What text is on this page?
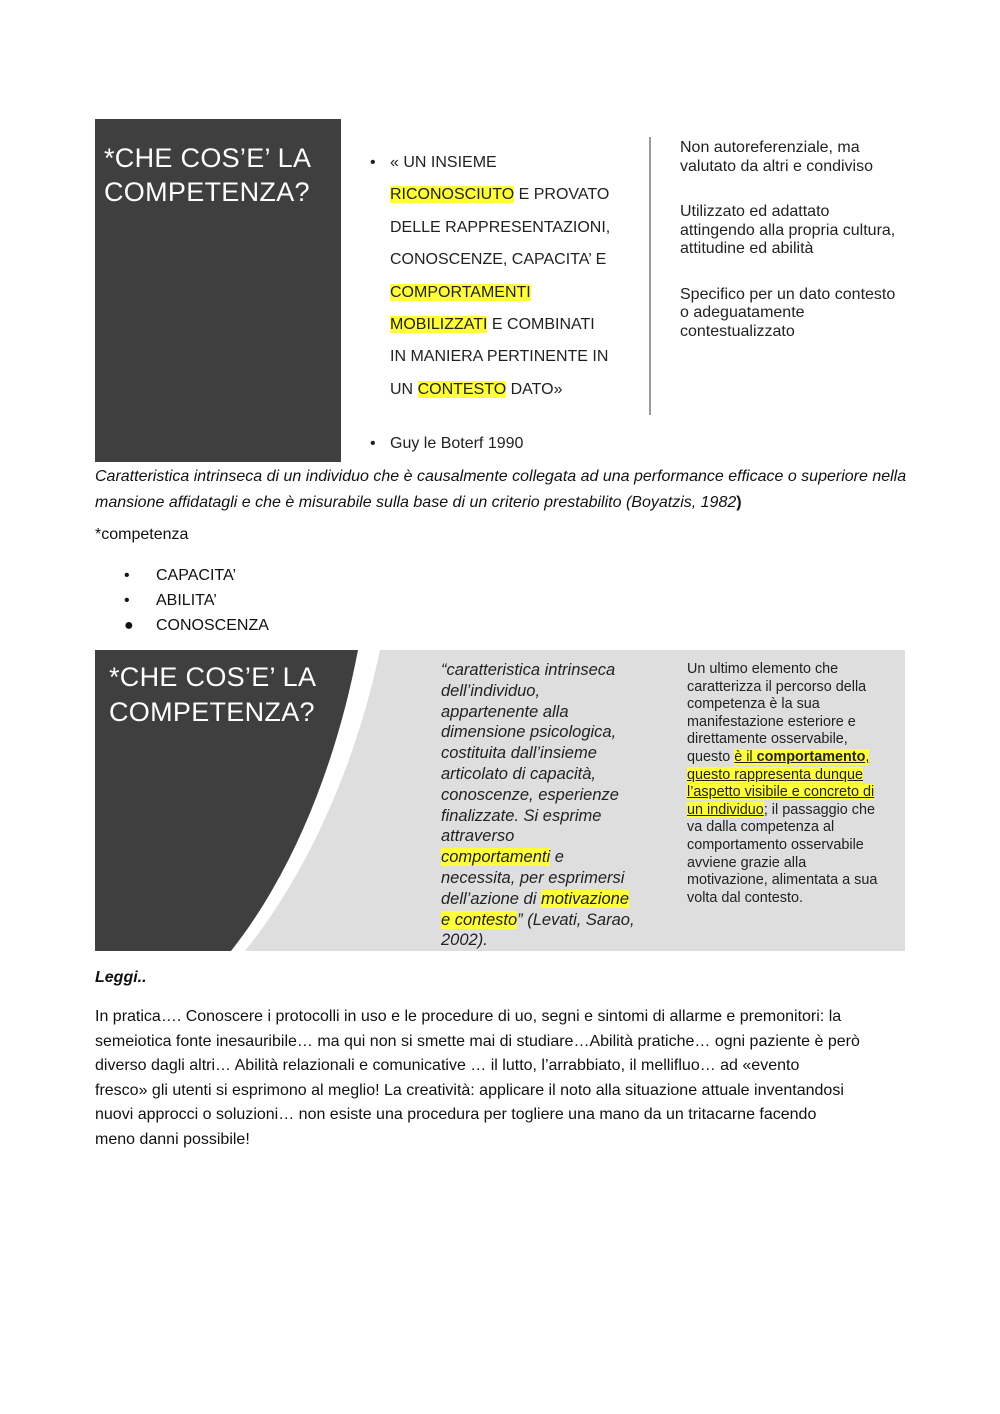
*CHE COS’E’ LA
COMPETENZA?
• « UN INSIEME
RICONOSCIUTO E PROVATO
DELLE RAPPRESENTAZIONI,
CONOSCENZE, CAPACITA’ E
COMPORTAMENTI
MOBILIZZATI E COMBINATI
IN MANIERA PERTINENTE IN
UN CONTESTO DATO»

Non autoreferenziale, ma valutato da altri e condiviso

Utilizzato ed adattato attingendo alla propria cultura, attitudine ed abilità

Specifico per un dato contesto o adeguatamente contestualizzato

• Guy le Boterf 1990
Caratteristica intrinseca di un individuo che è causalmente collegata ad una performance efficace o superiore nella mansione affidatagli e che è misurabile sulla base di un criterio prestabilito (Boyatzis, 1982)
*competenza
• CAPACITA’
• ABILITA’
● CONOSCENZA
*CHE COS’E’ LA
COMPETENZA?
“caratteristica intrinseca
dell’individuo,
appartenente alla
dimensione psicologica,
costituita dall’insieme
articolato di capacità,
conoscenze, esperienze
finalizzate. Si esprime
attraverso
comportamenti e
necessita, per esprimersi
dell’azione di motivazione
e contesto” (Levati, Sarao,
2002).
Un ultimo elemento che
caratterizza il percorso della
competenza è la sua
manifestazione esteriore e
direttamente osservabile,
questo è il comportamento,
questo rappresenta dunque
l’aspetto visibile e concreto di
un individuo; il passaggio che
va dalla competenza al
comportamento osservabile
avviene grazie alla
motivazione, alimentata a sua
volta dal contesto.
Leggi..
In pratica…. Conoscere i protocolli in uso e le procedure di uo, segni e sintomi di allarme e premonitori: la
semeiotica fonte inesauribile… ma qui non si smette mai di studiare…Abilità pratiche… ogni paziente è però
diverso dagli altri… Abilità relazionali e comunicative … il lutto, l’arrabbiato, il mellifluo… ad «evento
fresco» gli utenti si esprimono al meglio! La creatività: applicare il noto alla situazione attuale inventandosi
nuovi approcci o soluzioni… non esiste una procedura per togliere una mano da un tritacarne facendo
meno danni possibile!
